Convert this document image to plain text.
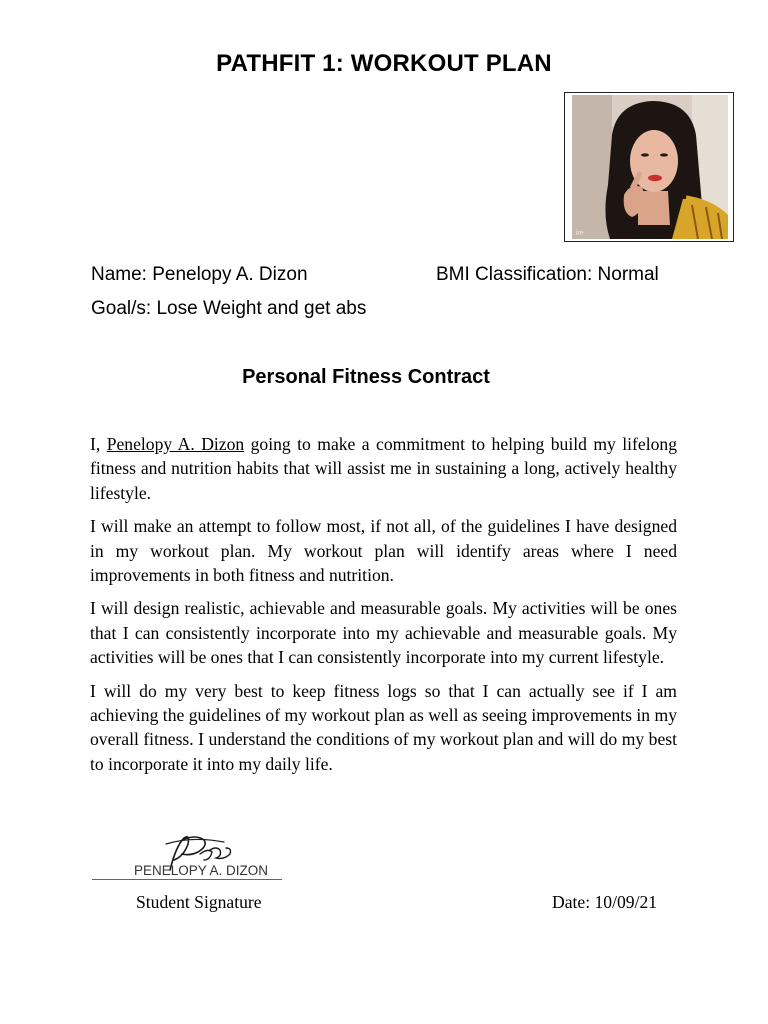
PATHFIT 1: WORKOUT PLAN
ire
Name: Penelopy A. Dizon	BMI Classification: Normal
Goal/s: Lose Weight and get abs
Personal Fitness Contract

I, Penelopy A. Dizon going to make a commitment to helping build my lifelong fitness and nutrition habits that will assist me in sustaining a long, actively healthy lifestyle.

I will make an attempt to follow most, if not all, of the guidelines I have designed in my workout plan. My workout plan will identify areas where I need improvements in both fitness and nutrition.

I will design realistic, achievable and measurable goals. My activities will be ones that I can consistently incorporate into my achievable and measurable goals. My activities will be ones that I can consistently incorporate into my current lifestyle.

I will do my very best to keep fitness logs so that I can actually see if I am achieving the guidelines of my workout plan as well as seeing improvements in my overall fitness. I understand the conditions of my workout plan and will do my best to incorporate it into my daily life.

PENELOPY A. DIZON
Student Signature	Date: 10/09/21
